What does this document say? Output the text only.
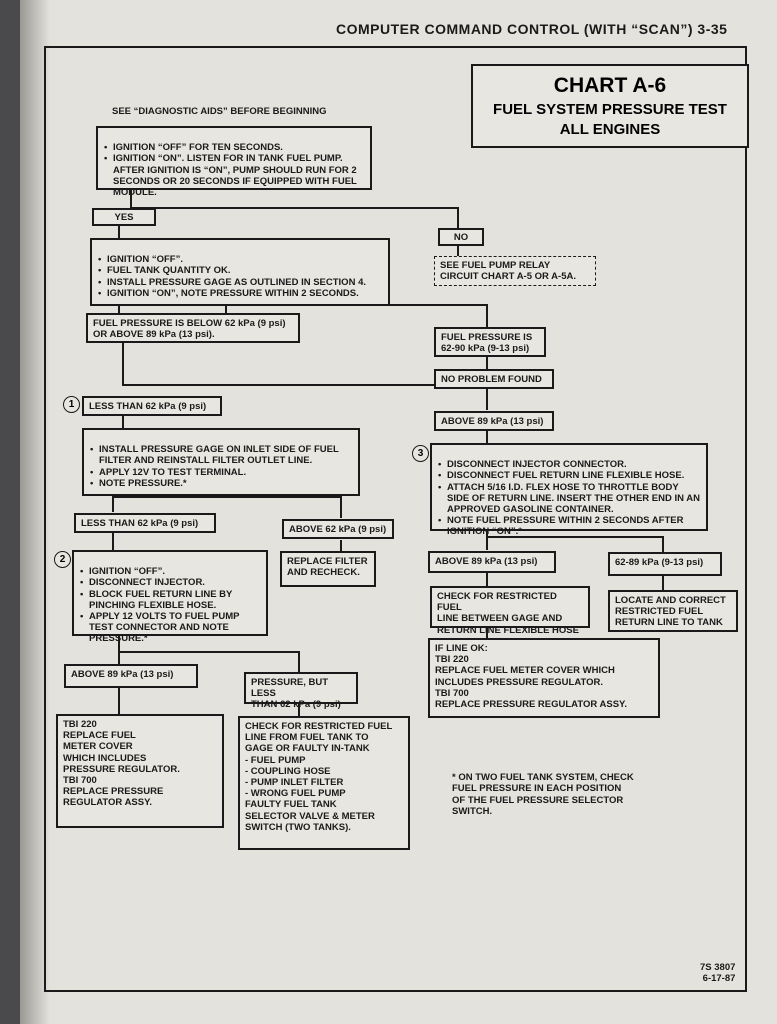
COMPUTER COMMAND CONTROL (WITH “SCAN”) 3-35
CHART A-6
FUEL SYSTEM PRESSURE TEST
ALL ENGINES
SEE “DIAGNOSTIC AIDS” BEFORE BEGINNING

• IGNITION “OFF” FOR TEN SECONDS.
• IGNITION “ON”. LISTEN FOR IN TANK FUEL PUMP. AFTER IGNITION IS “ON”, PUMP SHOULD RUN FOR 2 SECONDS OR 20 SECONDS IF EQUIPPED WITH FUEL MODULE.

YES
NO
SEE FUEL PUMP RELAY
CIRCUIT CHART A-5 OR A-5A.

• IGNITION “OFF”.
• FUEL TANK QUANTITY OK.
• INSTALL PRESSURE GAGE AS OUTLINED IN SECTION 4.
• IGNITION “ON”, NOTE PRESSURE WITHIN 2 SECONDS.

FUEL PRESSURE IS BELOW 62 kPa (9 psi)
OR ABOVE 89 kPa (13 psi).	FUEL PRESSURE IS
62-90 kPa (9-13 psi)
NO PROBLEM FOUND
1	LESS THAN 62 kPa (9 psi)
ABOVE 89 kPa (13 psi)

• INSTALL PRESSURE GAGE ON INLET SIDE OF FUEL FILTER AND REINSTALL FILTER OUTLET LINE.
• APPLY 12V TO TEST TERMINAL.
• NOTE PRESSURE.*

3

• DISCONNECT INJECTOR CONNECTOR.
• DISCONNECT FUEL RETURN LINE FLEXIBLE HOSE.
• ATTACH 5/16 I.D. FLEX HOSE TO THROTTLE BODY SIDE OF RETURN LINE. INSERT THE OTHER END IN AN APPROVED GASOLINE CONTAINER.
• NOTE FUEL PRESSURE WITHIN 2 SECONDS AFTER IGNITION “ON”.*

LESS THAN 62 kPa (9 psi)
ABOVE 62 kPa (9 psi)
2

• IGNITION “OFF”.
• DISCONNECT INJECTOR.
• BLOCK FUEL RETURN LINE BY PINCHING FLEXIBLE HOSE.
• APPLY 12 VOLTS TO FUEL PUMP TEST CONNECTOR AND NOTE PRESSURE.*

REPLACE FILTER
AND RECHECK.
ABOVE 89 kPa (13 psi)	62-89 kPa (9-13 psi)
CHECK FOR RESTRICTED FUEL
LINE BETWEEN GAGE AND
RETURN LINE FLEXIBLE HOSE
LOCATE AND CORRECT
RESTRICTED FUEL
RETURN LINE TO TANK
IF LINE OK:
TBI 220
REPLACE FUEL METER COVER WHICH
INCLUDES PRESSURE REGULATOR.
TBI 700
REPLACE PRESSURE REGULATOR ASSY.
ABOVE 89 kPa (13 psi)
PRESSURE, BUT LESS
THAN 62 kPa (9 psi)
TBI 220
REPLACE FUEL
METER COVER
WHICH INCLUDES
PRESSURE REGULATOR.
TBI 700
REPLACE PRESSURE
REGULATOR ASSY.
CHECK FOR RESTRICTED FUEL
LINE FROM FUEL TANK TO
GAGE OR FAULTY IN-TANK
- FUEL PUMP
- COUPLING HOSE
- PUMP INLET FILTER
- WRONG FUEL PUMP
FAULTY FUEL TANK
SELECTOR VALVE & METER
SWITCH (TWO TANKS).
* ON TWO FUEL TANK SYSTEM, CHECK
FUEL PRESSURE IN EACH POSITION
OF THE FUEL PRESSURE SELECTOR
SWITCH.
7S 3807
6-17-87
